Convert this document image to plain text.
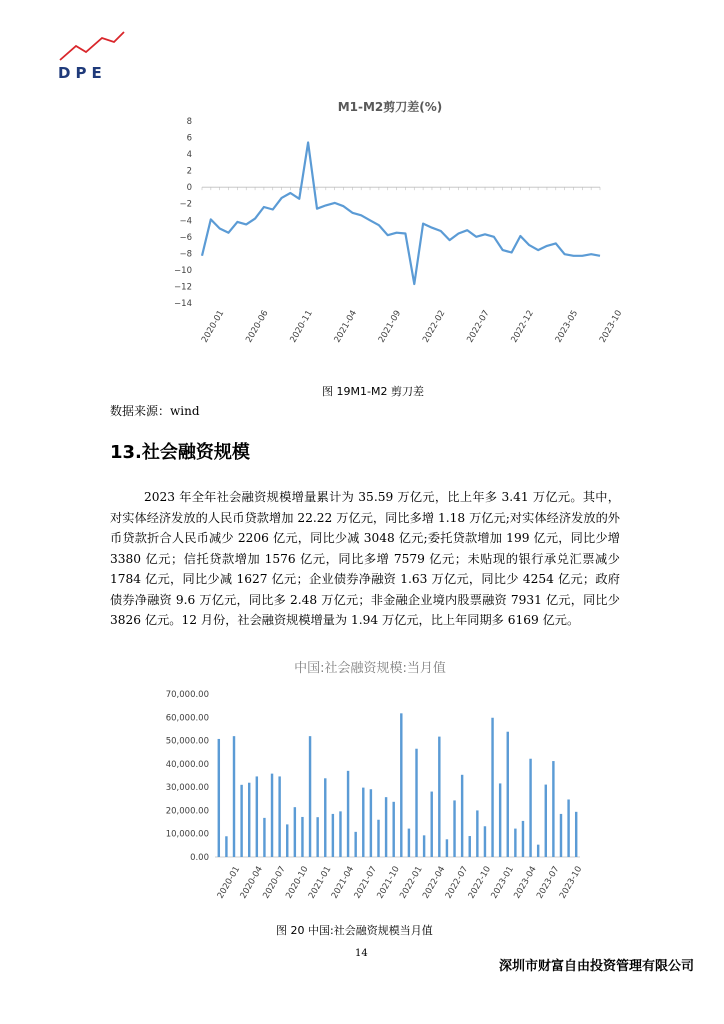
DPE
M1-M2剪刀差(%)
8
6
4
2
0
−2
−4
−6
−8
−10
−12
−14
2020-01 2020-06 2020-11 2021-04 2021-09 2022-02 2022-07 2022-12 2023-05 2023-10
图 19M1-M2 剪刀差
数据来源：wind
13.社会融资规模
2023 年全年社会融资规模增量累计为 35.59 万亿元，比上年多 3.41 万亿元。其中，对实体经济发放的人民币贷款增加 22.22 万亿元，同比多增 1.18 万亿元;对实体经济发放的外币贷款折合人民币减少 2206 亿元，同比少减 3048 亿元;委托贷款增加 199 亿元，同比少增 3380 亿元；信托贷款增加 1576 亿元，同比多增 7579 亿元；未贴现的银行承兑汇票减少 1784 亿元，同比少减 1627 亿元；企业债券净融资 1.63 万亿元，同比少 4254 亿元；政府债券净融资 9.6 万亿元，同比多 2.48 万亿元；非金融企业境内股票融资 7931 亿元，同比少 3826 亿元。12 月份，社会融资规模增量为 1.94 万亿元，比上年同期多 6169 亿元。
中国:社会融资规模:当月值
70,000.00
60,000.00
50,000.00
40,000.00
30,000.00
20,000.00
10,000.00
0.00
2020-01
2020-04
2020-07
2020-10
2021-01
2021-04
2021-07
2021-10
2022-01
2022-04
2022-07
2022-10
2023-01
2023-04
2023-07
2023-10
图 20 中国:社会融资规模当月值
14
深圳市财富自由投资管理有限公司
